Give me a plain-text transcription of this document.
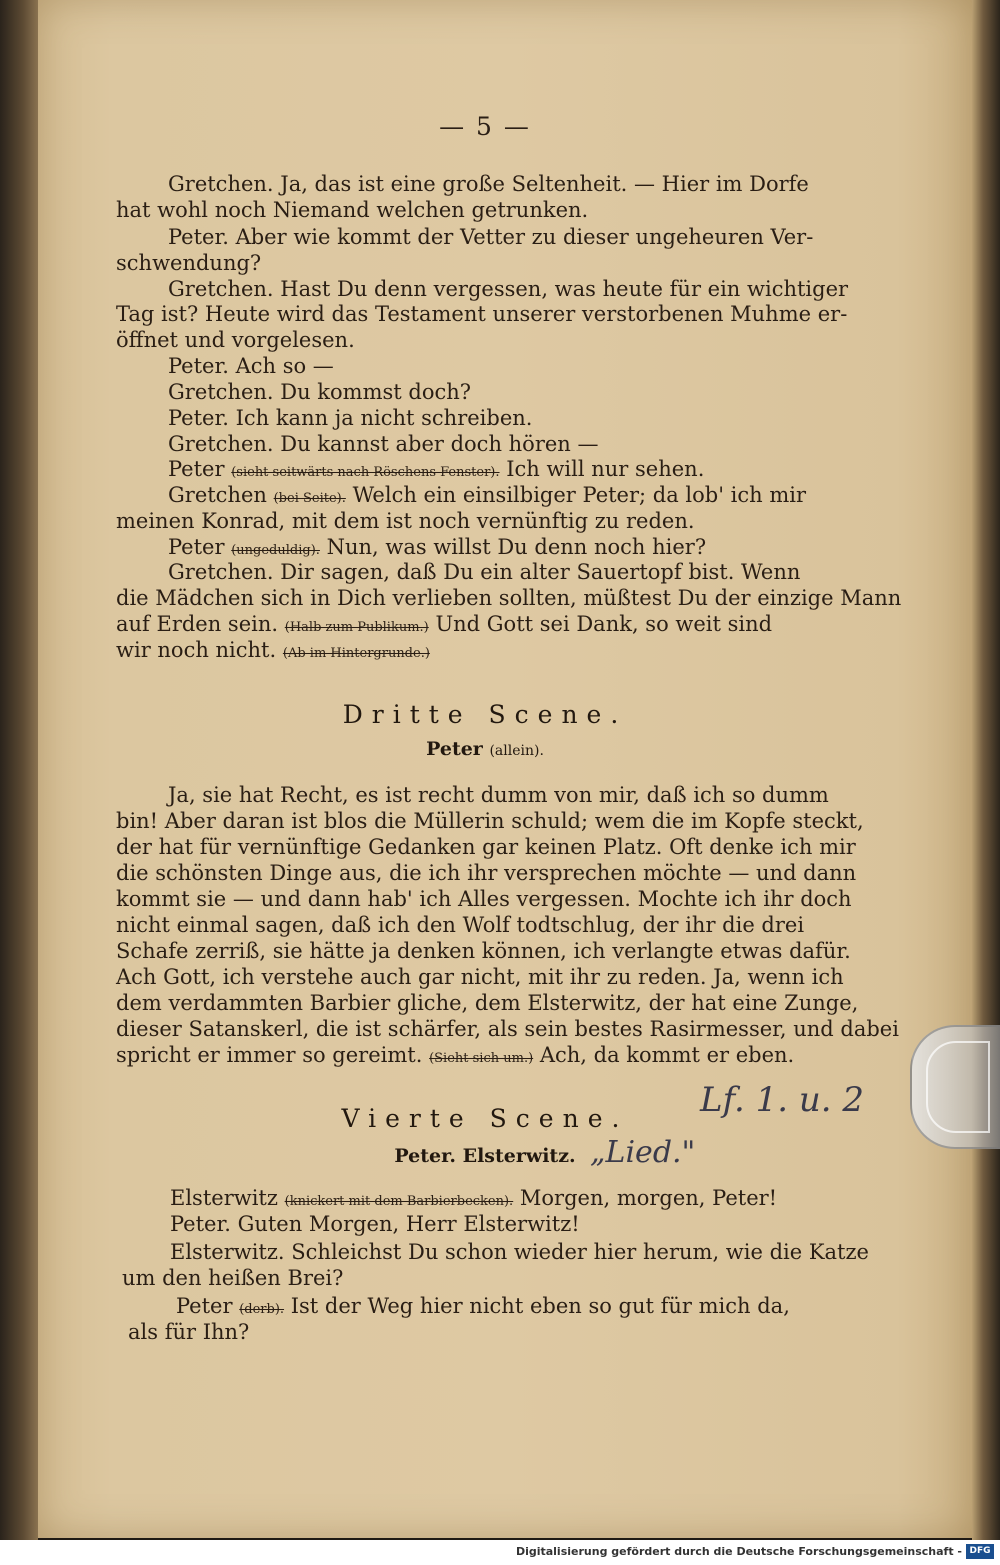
— 5 —
Gretchen. Ja, das ist eine große Seltenheit. — Hier im Dorfe
hat wohl noch Niemand welchen getrunken.
Peter. Aber wie kommt der Vetter zu dieser ungeheuren Ver-
schwendung?
Gretchen. Hast Du denn vergessen, was heute für ein wichtiger
Tag ist? Heute wird das Testament unserer verstorbenen Muhme er-
öffnet und vorgelesen.
Peter. Ach so —
Gretchen. Du kommst doch?
Peter. Ich kann ja nicht schreiben.
Gretchen. Du kannst aber doch hören —
Peter (sieht seitwärts nach Röschens Fenster). Ich will nur sehen.
Gretchen (bei Seite). Welch ein einsilbiger Peter; da lob' ich mir
meinen Konrad, mit dem ist noch vernünftig zu reden.
Peter (ungeduldig). Nun, was willst Du denn noch hier?
Gretchen. Dir sagen, daß Du ein alter Sauertopf bist. Wenn
die Mädchen sich in Dich verlieben sollten, müßtest Du der einzige Mann
auf Erden sein. (Halb zum Publikum.) Und Gott sei Dank, so weit sind
wir noch nicht. (Ab im Hintergrunde.)
Dritte Scene.
Peter (allein).
Ja, sie hat Recht, es ist recht dumm von mir, daß ich so dumm
bin! Aber daran ist blos die Müllerin schuld; wem die im Kopfe steckt,
der hat für vernünftige Gedanken gar keinen Platz. Oft denke ich mir
die schönsten Dinge aus, die ich ihr versprechen möchte — und dann
kommt sie — und dann hab' ich Alles vergessen. Mochte ich ihr doch
nicht einmal sagen, daß ich den Wolf todtschlug, der ihr die drei
Schafe zerriß, sie hätte ja denken können, ich verlangte etwas dafür.
Ach Gott, ich verstehe auch gar nicht, mit ihr zu reden. Ja, wenn ich
dem verdammten Barbier gliche, dem Elsterwitz, der hat eine Zunge,
dieser Satanskerl, die ist schärfer, als sein bestes Rasirmesser, und dabei
spricht er immer so gereimt. (Sieht sich um.) Ach, da kommt er eben.
Vierte Scene.
Peter. Elsterwitz.
Lf. 1. u. 2
„Lied."
Elsterwitz (knickert mit dem Barbierbecken). Morgen, morgen, Peter!
Peter. Guten Morgen, Herr Elsterwitz!
Elsterwitz. Schleichst Du schon wieder hier herum, wie die Katze
um den heißen Brei?
Peter (derb). Ist der Weg hier nicht eben so gut für mich da,
als für Ihn?
Digitalisierung gefördert durch die Deutsche Forschungsgemeinschaft - DFG
